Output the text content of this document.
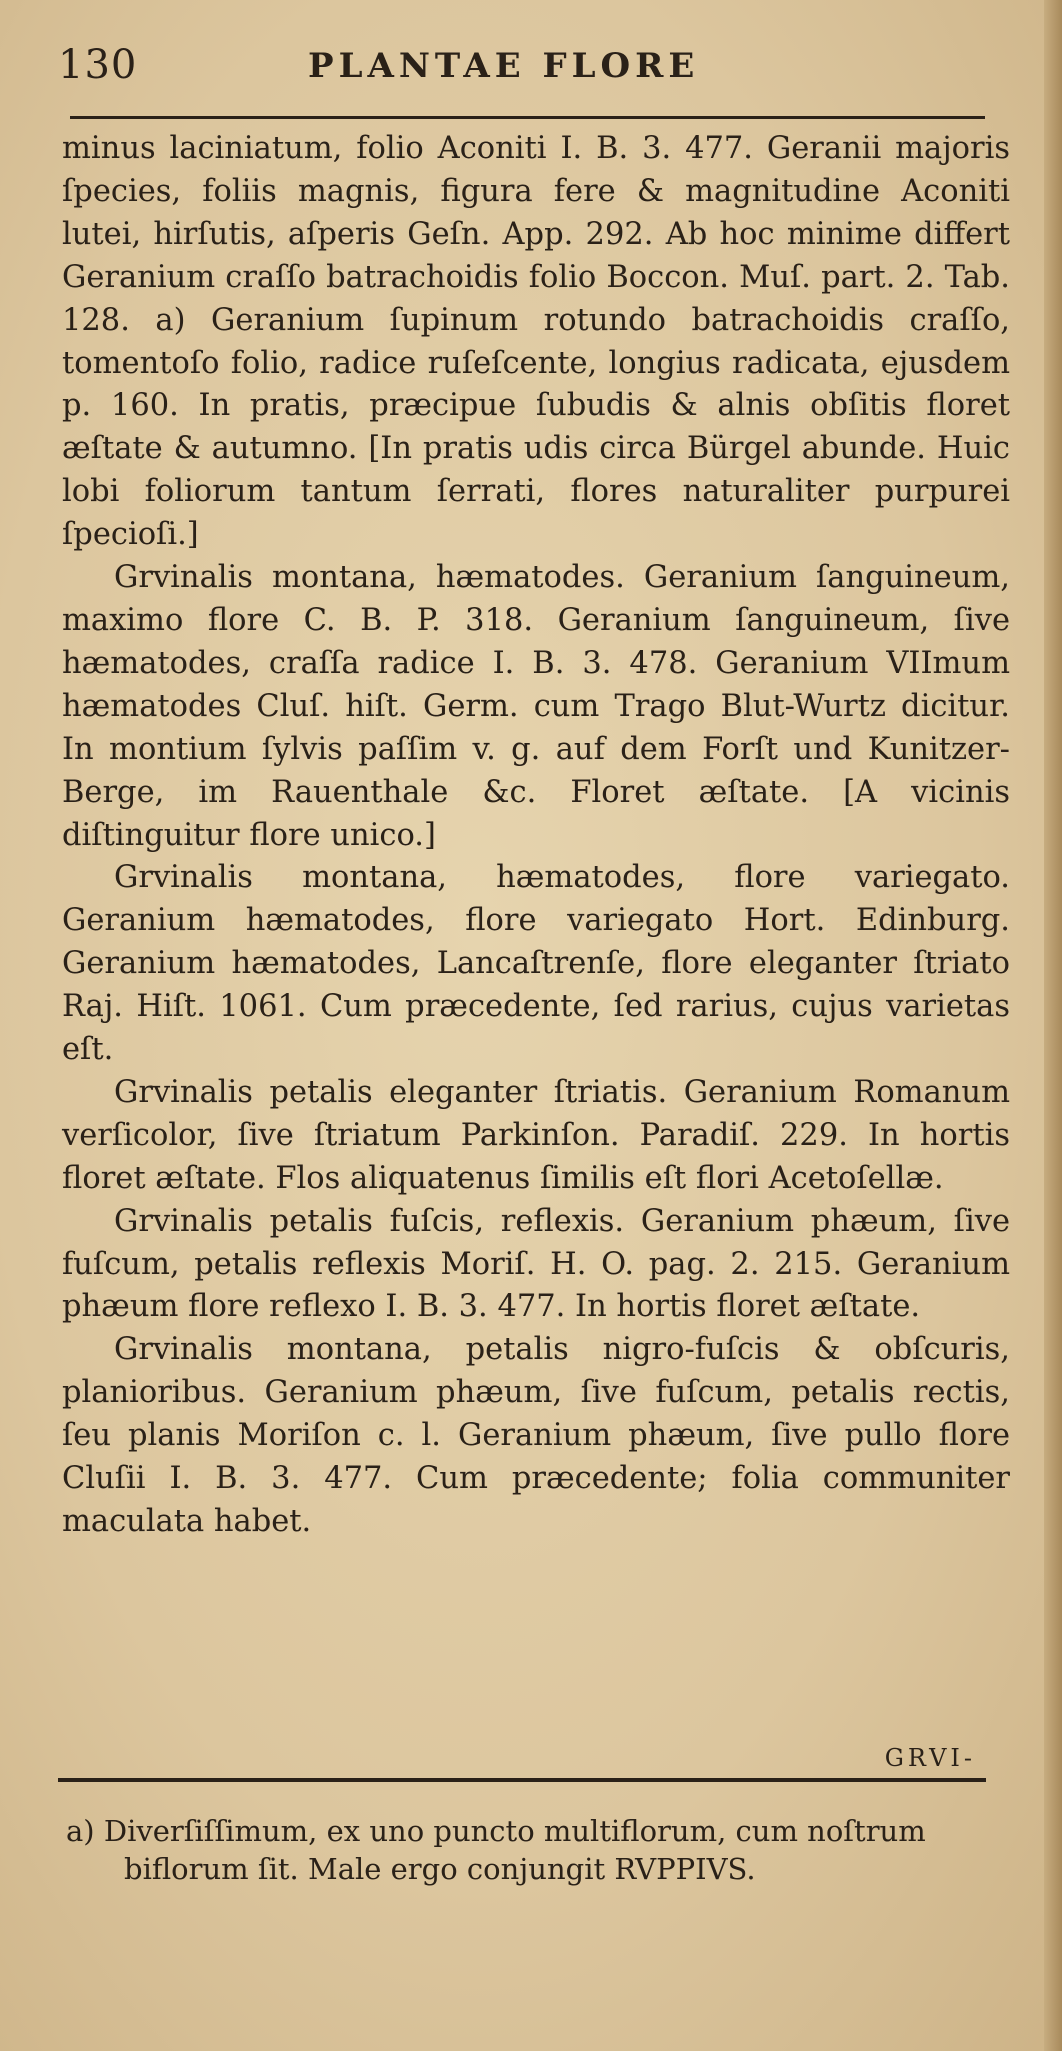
130	PLANTAE FLORE

minus laciniatum, folio Aconiti I. B. 3. 477. Geranii majoris ſpecies, foliis magnis, figura fere & magnitudine Aconiti lutei, hirſutis, aſperis Geſn. App. 292. Ab hoc minime differt Geranium craſſo batrachoidis folio Boccon. Muſ. part. 2. Tab. 128. a) Geranium ſupinum rotundo batrachoidis craſſo, tomentoſo folio, radice ruſeſcente, longius radicata, ejusdem p. 160. In pratis, præcipue ſubudis & alnis obſitis floret æſtate & autumno. [In pratis udis circa Bürgel abunde. Huic lobi foliorum tantum ſerrati, flores naturaliter purpurei ſpecioſi.]

Grvinalis montana, hæmatodes. Geranium ſanguineum, maximo flore C. B. P. 318. Geranium ſanguineum, ſive hæmatodes, craſſa radice I. B. 3. 478. Geranium VIImum hæmatodes Cluſ. hiſt. Germ. cum Trago Blut-Wurtz dicitur. In montium ſylvis paſſim v. g. auf dem Forſt und Kunitzer-Berge, im Rauenthale &c. Floret æſtate. [A vicinis diſtinguitur flore unico.]

Grvinalis montana, hæmatodes, flore variegato. Geranium hæmatodes, flore variegato Hort. Edinburg. Geranium hæmatodes, Lancaſtrenſe, flore eleganter ſtriato Raj. Hiſt. 1061. Cum præcedente, ſed rarius, cujus varietas eſt.

Grvinalis petalis eleganter ſtriatis. Geranium Romanum verſicolor, ſive ſtriatum Parkinſon. Paradiſ. 229. In hortis floret æſtate. Flos aliquatenus ſimilis eſt flori Acetoſellæ.

Grvinalis petalis fuſcis, reflexis. Geranium phæum, ſive fuſcum, petalis reflexis Moriſ. H. O. pag. 2. 215. Geranium phæum flore reflexo I. B. 3. 477. In hortis floret æſtate.

Grvinalis montana, petalis nigro-fuſcis & obſcuris, planioribus. Geranium phæum, ſive fuſcum, petalis rectis, ſeu planis Moriſon c. l. Geranium phæum, ſive pullo flore Cluſii I. B. 3. 477. Cum præcedente; folia communiter maculata habet.

GRVI-

a) Diverſiſſimum, ex uno puncto multiflorum, cum noſtrum

biflorum ſit. Male ergo conjungit RVPPIVS.
